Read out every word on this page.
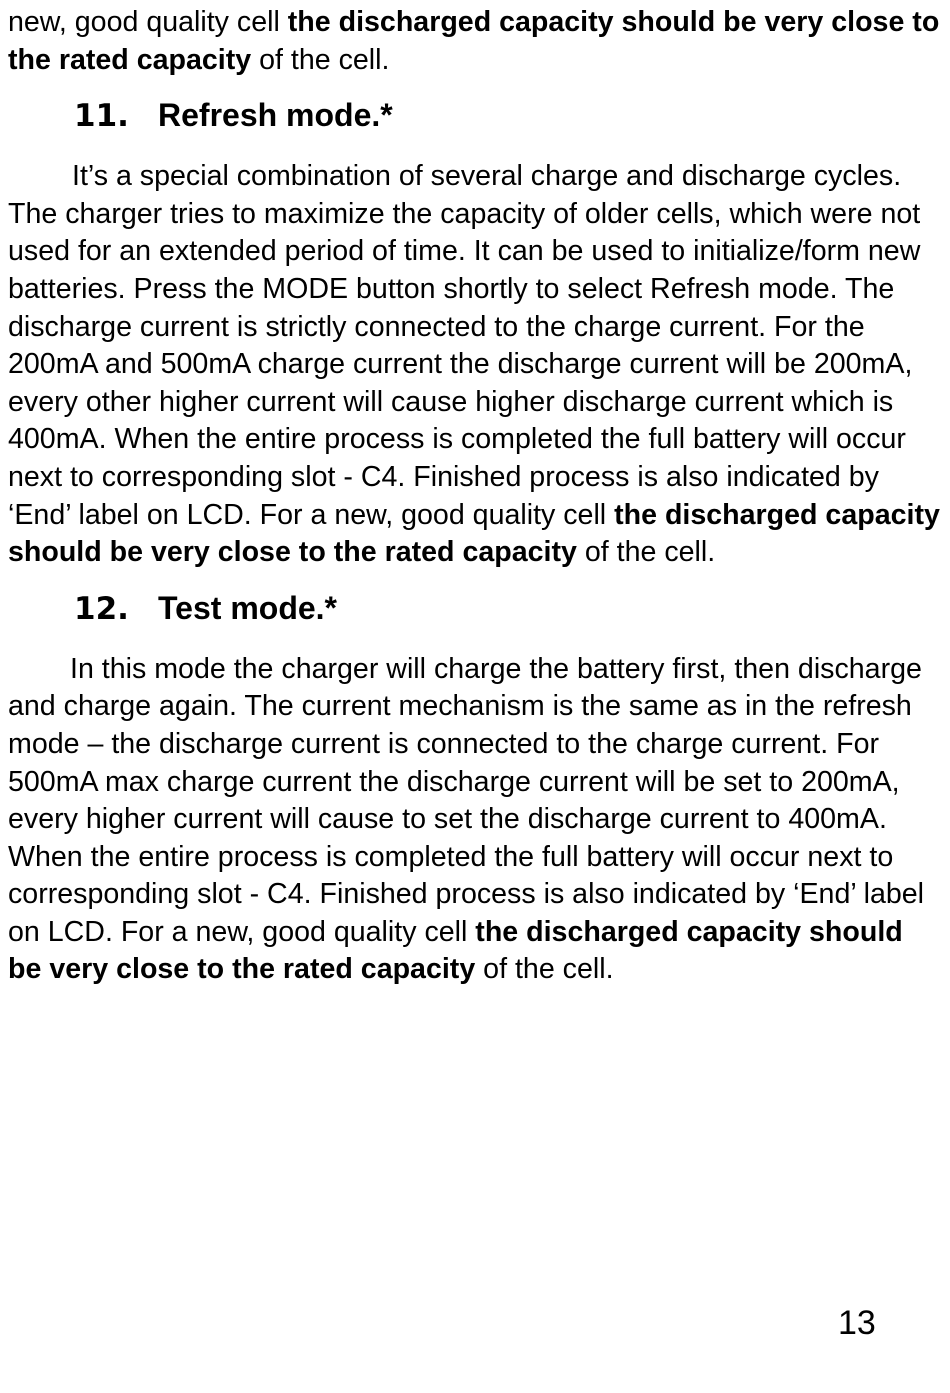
new, good quality cell the discharged capacity should be very close to the rated capacity of the cell.

11. Refresh mode.*

It’s a special combination of several charge and discharge cycles. The charger tries to maximize the capacity of older cells, which were not used for an extended period of time. It can be used to initialize/form new batteries. Press the MODE button shortly to select Refresh mode. The discharge current is strictly connected to the charge current. For the 200mA and 500mA charge current the discharge current will be 200mA, every other higher current will cause higher discharge current which is 400mA. When the entire process is completed the full battery will occur next to corresponding slot - C4. Finished process is also indicated by ‘End’ label on LCD. For a new, good quality cell the discharged capacity should be very close to the rated capacity of the cell.

12. Test mode.*

In this mode the charger will charge the battery first, then discharge and charge again. The current mechanism is the same as in the refresh mode – the discharge current is connected to the charge current. For 500mA max charge current the discharge current will be set to 200mA, every higher current will cause to set the discharge current to 400mA. When the entire process is completed the full battery will occur next to corresponding slot - C4. Finished process is also indicated by ‘End’ label on LCD. For a new, good quality cell the discharged capacity should be very close to the rated capacity of the cell.

13
